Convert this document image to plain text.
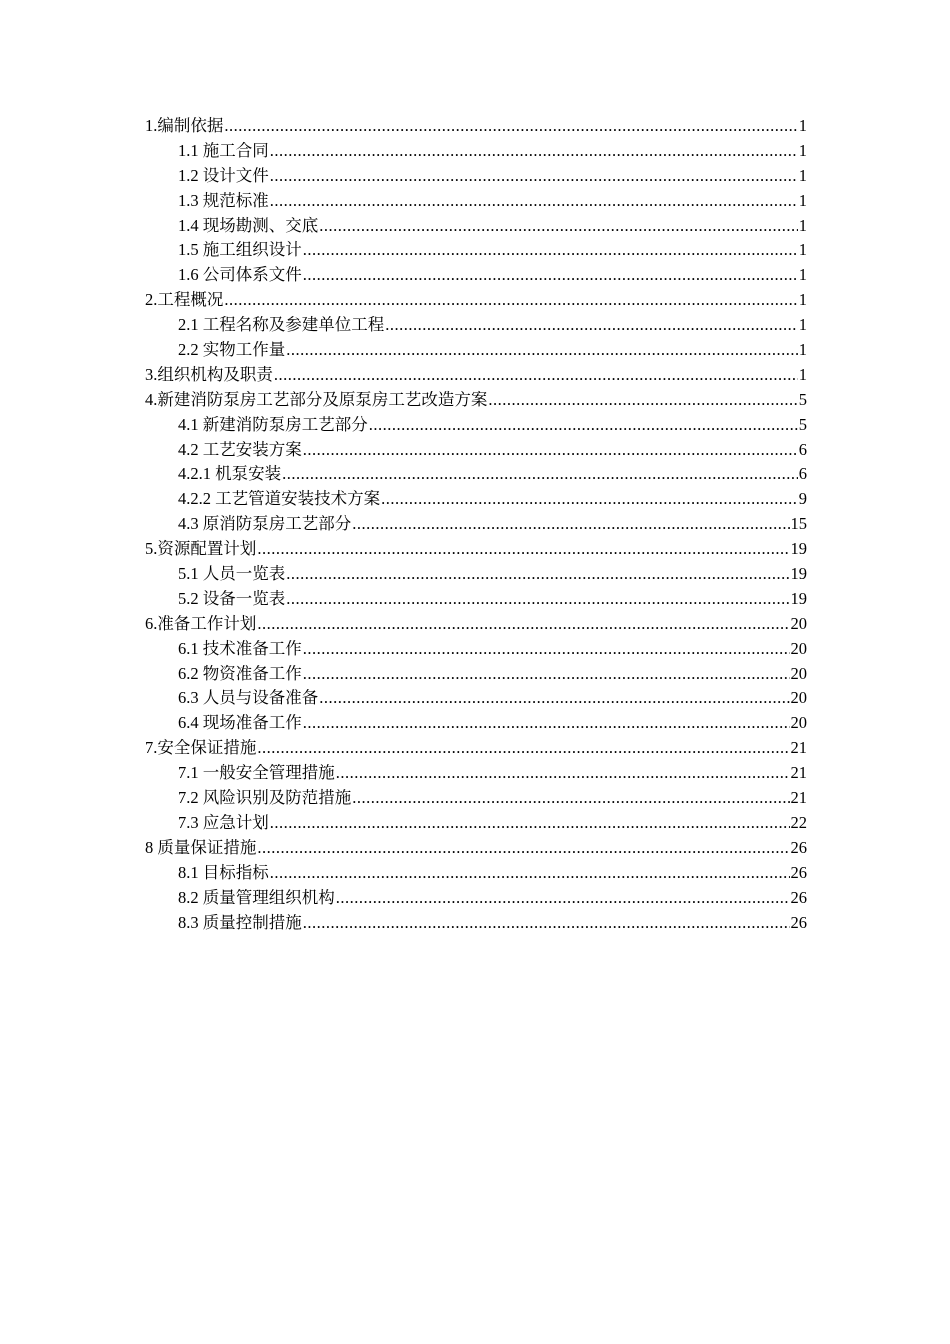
1.编制依据 .....	1
1.1 施工合同 .....	1
1.2 设计文件 .....	1
1.3 规范标准 .....	1
1.4 现场勘测、交底 .....	1
1.5 施工组织设计 .....	1
1.6 公司体系文件 .....	1
2.工程概况 .....	1
2.1 工程名称及参建单位工程 .....	1
2.2 实物工作量 .....	1
3.组织机构及职责 .....	1
4.新建消防泵房工艺部分及原泵房工艺改造方案 .....	5
4.1 新建消防泵房工艺部分 .....	5
4.2 工艺安装方案 .....	6
4.2.1 机泵安装 .....	6
4.2.2 工艺管道安装技术方案 .....	9
4.3 原消防泵房工艺部分 .....	15
5.资源配置计划 .....	19
5.1 人员一览表 .....	19
5.2 设备一览表 .....	19
6.准备工作计划 .....	20
6.1 技术准备工作 .....	20
6.2 物资准备工作 .....	20
6.3 人员与设备准备 .....	20
6.4 现场准备工作 .....	20
7.安全保证措施 .....	21
7.1 一般安全管理措施 .....	21
7.2 风险识别及防范措施 .....	21
7.3 应急计划 .....	22
8 质量保证措施 .....	26
8.1 目标指标 .....	26
8.2 质量管理组织机构 .....	26
8.3 质量控制措施 .....	26
